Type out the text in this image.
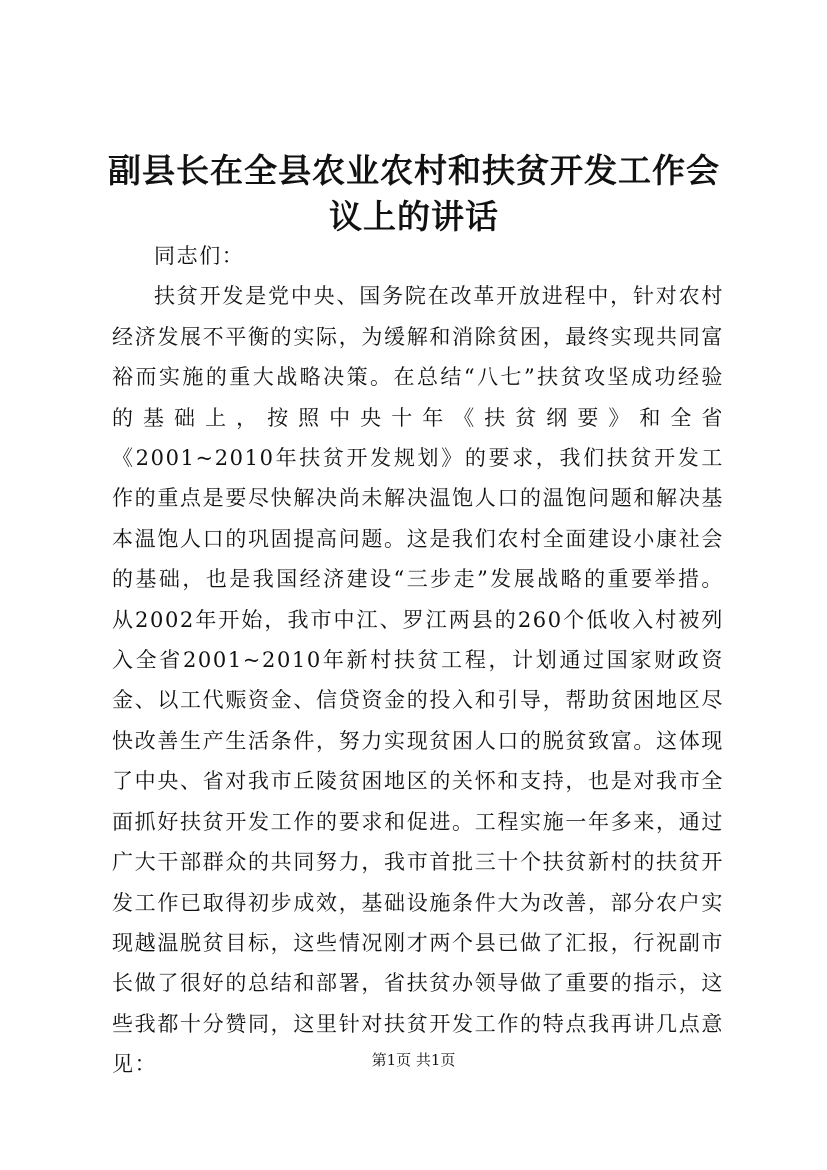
副县长在全县农业农村和扶贫开发工作会议上的讲话

同志们：

扶贫开发是党中央、国务院在改革开放进程中，针对农村经济发展不平衡的实际，为缓解和消除贫困，最终实现共同富裕而实施的重大战略决策。在总结“八七”扶贫攻坚成功经验的基础上，按照中央十年《扶贫纲要》和全省《2001~2010年扶贫开发规划》的要求，我们扶贫开发工作的重点是要尽快解决尚未解决温饱人口的温饱问题和解决基本温饱人口的巩固提高问题。这是我们农村全面建设小康社会的基础，也是我国经济建设“三步走”发展战略的重要举措。从2002年开始，我市中江、罗江两县的260个低收入村被列入全省2001~2010年新村扶贫工程，计划通过国家财政资金、以工代赈资金、信贷资金的投入和引导，帮助贫困地区尽快改善生产生活条件，努力实现贫困人口的脱贫致富。这体现了中央、省对我市丘陵贫困地区的关怀和支持，也是对我市全面抓好扶贫开发工作的要求和促进。工程实施一年多来，通过广大干部群众的共同努力，我市首批三十个扶贫新村的扶贫开发工作已取得初步成效，基础设施条件大为改善，部分农户实现越温脱贫目标，这些情况刚才两个县已做了汇报，行祝副市长做了很好的总结和部署，省扶贫办领导做了重要的指示，这些我都十分赞同，这里针对扶贫开发工作的特点我再讲几点意见：	第1页 共1页
